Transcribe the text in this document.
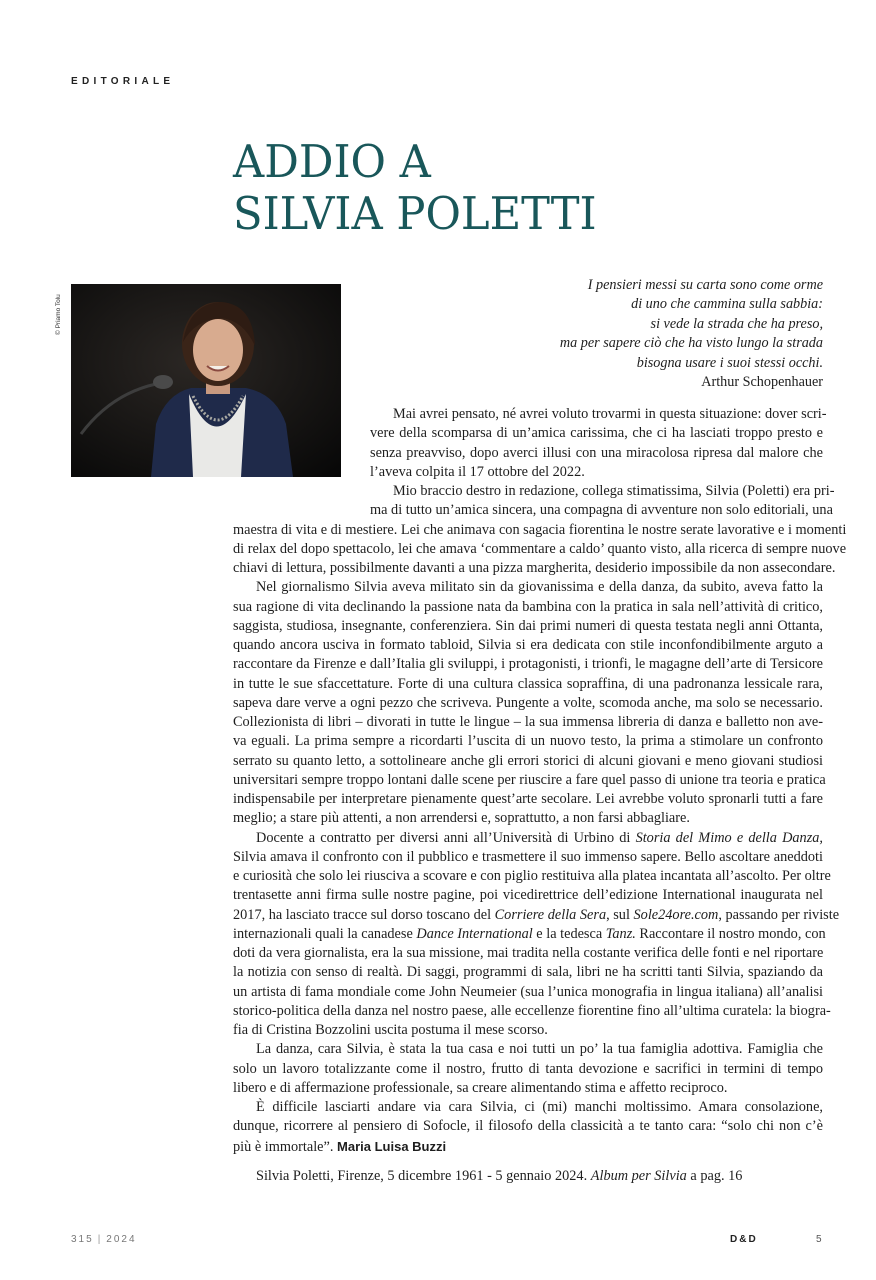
EDITORIALE
ADDIO A
SILVIA POLETTI
© Priamo Tolu
I pensieri messi su carta sono come orme
di uno che cammina sulla sabbia:
si vede la strada che ha preso,
ma per sapere ciò che ha visto lungo la strada
bisogna usare i suoi stessi occhi.
Arthur Schopenhauer
Mai avrei pensato, né avrei voluto trovarmi in questa situazione: dover scri-
vere della scomparsa di un’amica carissima, che ci ha lasciati troppo presto e
senza preavviso, dopo averci illusi con una miracolosa ripresa dal malore che
l’aveva colpita il 17 ottobre del 2022.
Mio braccio destro in redazione, collega stimatissima, Silvia (Poletti) era pri-
ma di tutto un’amica sincera, una compagna di avventure non solo editoriali, una
maestra di vita e di mestiere. Lei che animava con sagacia fiorentina le nostre serate lavorative e i momenti
di relax del dopo spettacolo, lei che amava ‘commentare a caldo’ quanto visto, alla ricerca di sempre nuove
chiavi di lettura, possibilmente davanti a una pizza margherita, desiderio impossibile da non assecondare.
Nel giornalismo Silvia aveva militato sin da giovanissima e della danza, da subito, aveva fatto la
sua ragione di vita declinando la passione nata da bambina con la pratica in sala nell’attività di critico,
saggista, studiosa, insegnante, conferenziera. Sin dai primi numeri di questa testata negli anni Ottanta,
quando ancora usciva in formato tabloid, Silvia si era dedicata con stile inconfondibilmente arguto a
raccontare da Firenze e dall’Italia gli sviluppi, i protagonisti, i trionfi, le magagne dell’arte di Tersicore
in tutte le sue sfaccettature. Forte di una cultura classica sopraffina, di una padronanza lessicale rara,
sapeva dare verve a ogni pezzo che scriveva. Pungente a volte, scomoda anche, ma solo se necessario.
Collezionista di libri – divorati in tutte le lingue – la sua immensa libreria di danza e balletto non ave-
va eguali. La prima sempre a ricordarti l’uscita di un nuovo testo, la prima a stimolare un confronto
serrato su quanto letto, a sottolineare anche gli errori storici di alcuni giovani e meno giovani studiosi
universitari sempre troppo lontani dalle scene per riuscire a fare quel passo di unione tra teoria e pratica
indispensabile per interpretare pienamente quest’arte secolare. Lei avrebbe voluto spronarli tutti a fare
meglio; a stare più attenti, a non arrendersi e, soprattutto, a non farsi abbagliare.
Docente a contratto per diversi anni all’Università di Urbino di Storia del Mimo e della Danza,
Silvia amava il confronto con il pubblico e trasmettere il suo immenso sapere. Bello ascoltare aneddoti
e curiosità che solo lei riusciva a scovare e con piglio restituiva alla platea incantata all’ascolto. Per oltre
trentasette anni firma sulle nostre pagine, poi vicedirettrice dell’edizione International inaugurata nel
2017, ha lasciato tracce sul dorso toscano del Corriere della Sera, sul Sole24ore.com, passando per riviste
internazionali quali la canadese Dance International e la tedesca Tanz. Raccontare il nostro mondo, con
doti da vera giornalista, era la sua missione, mai tradita nella costante verifica delle fonti e nel riportare
la notizia con senso di realtà. Di saggi, programmi di sala, libri ne ha scritti tanti Silvia, spaziando da
un artista di fama mondiale come John Neumeier (sua l’unica monografia in lingua italiana) all’analisi
storico-politica della danza nel nostro paese, alle eccellenze fiorentine fino all’ultima curatela: la biogra-
fia di Cristina Bozzolini uscita postuma il mese scorso.
La danza, cara Silvia, è stata la tua casa e noi tutti un po’ la tua famiglia adottiva. Famiglia che
solo un lavoro totalizzante come il nostro, frutto di tanta devozione e sacrifici in termini di tempo
libero e di affermazione professionale, sa creare alimentando stima e affetto reciproco.
È difficile lasciarti andare via cara Silvia, ci (mi) manchi moltissimo. Amara consolazione,
dunque, ricorrere al pensiero di Sofocle, il filosofo della classicità a te tanto cara: “solo chi non c’è
più è immortale”. Maria Luisa Buzzi
Silvia Poletti, Firenze, 5 dicembre 1961 - 5 gennaio 2024. Album per Silvia a pag. 16
315 | 2024	D&D	5
